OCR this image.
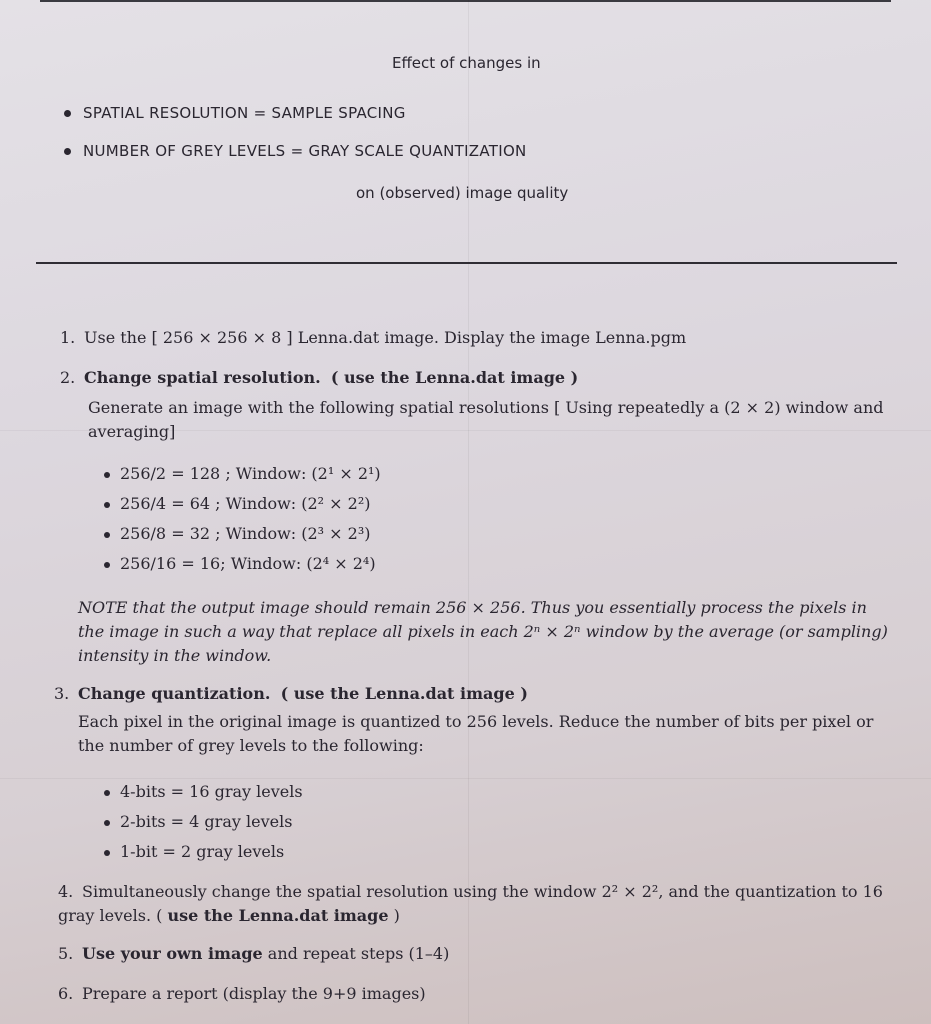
Effect of changes in
SPATIAL RESOLUTION = SAMPLE SPACING
NUMBER OF GREY LEVELS = GRAY SCALE QUANTIZATION
on (observed) image quality
1. Use the [ 256 × 256 × 8 ] Lenna.dat image. Display the image Lenna.pgm
2. Change spatial resolution. ( use the Lenna.dat image )
Generate an image with the following spatial resolutions [ Using repeatedly a (2 × 2) window and averaging]
256/2 = 128 ; Window: (2¹ × 2¹)
256/4 = 64 ; Window: (2² × 2²)
256/8 = 32 ; Window: (2³ × 2³)
256/16 = 16; Window: (2⁴ × 2⁴)
NOTE that the output image should remain 256 × 256. Thus you essentially process the pixels in the image in such a way that replace all pixels in each 2ⁿ × 2ⁿ window by the average (or sampling) intensity in the window.
3. Change quantization. ( use the Lenna.dat image )
Each pixel in the original image is quantized to 256 levels. Reduce the number of bits per pixel or the number of grey levels to the following:
4-bits = 16 gray levels
2-bits = 4 gray levels
1-bit = 2 gray levels
4. Simultaneously change the spatial resolution using the window 2² × 2², and the quantization to 16 gray levels. ( use the Lenna.dat image )
5. Use your own image and repeat steps (1–4)
6. Prepare a report (display the 9+9 images)
